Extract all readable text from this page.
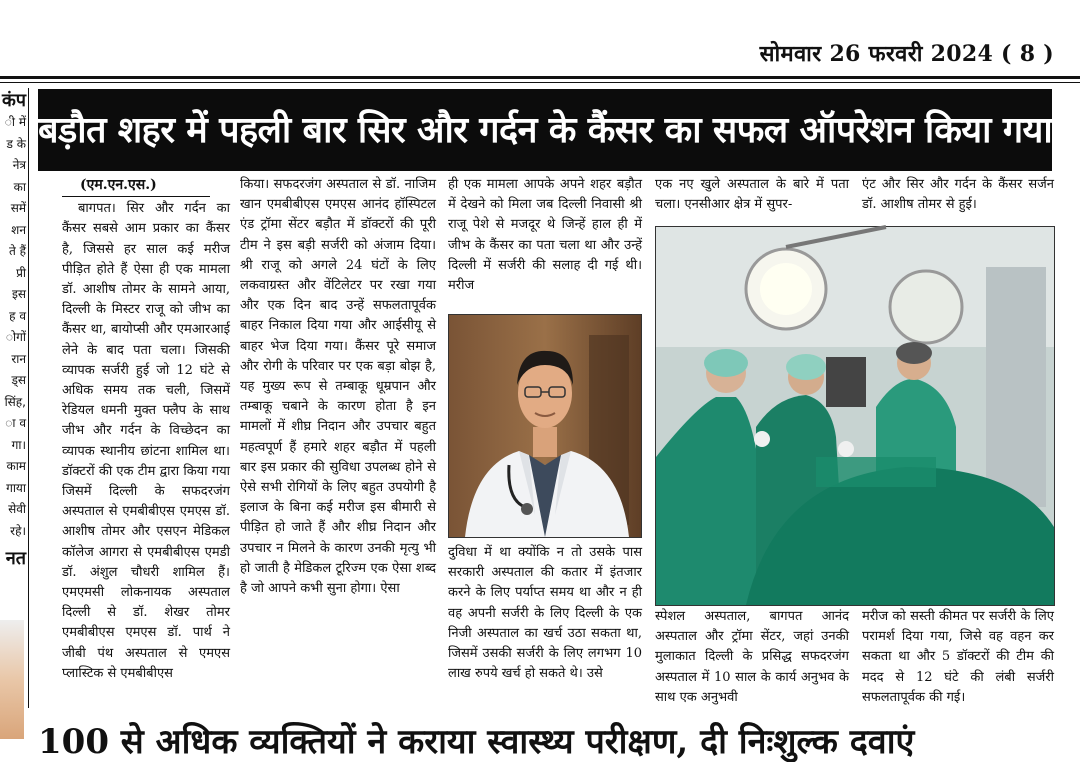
सोमवार 26 फरवरी 2024 ( 8 )
कंप
ी में
ड के
नेत्र
का
समें
शन
ते हैं
प्री
इस
ह व
ोगों
रान
ड्स
सिंह,
ा व
गा।
काम
गाया
सेवी
रहे।
नत
बड़ौत शहर में पहली बार सिर और गर्दन के कैंसर का सफल ऑपरेशन किया गया
(एम.एन.एस.)

बागपत। सिर और गर्दन का कैंसर सबसे आम प्रकार का कैंसर है, जिससे हर साल कई मरीज पीड़ित होते हैं ऐसा ही एक मामला डॉ. आशीष तोमर के सामने आया, दिल्ली के मिस्टर राजू को जीभ का कैंसर था, बायोप्सी और एमआरआई लेने के बाद पता चला। जिसकी व्यापक सर्जरी हुई जो 12 घंटे से अधिक समय तक चली, जिसमें रेडियल धमनी मुक्त फ्लैप के साथ जीभ और गर्दन के विच्छेदन का व्यापक स्थानीय छांटना शामिल था। डॉक्टरों की एक टीम द्वारा किया गया जिसमें दिल्ली के सफदरजंग अस्पताल से एमबीबीएस एमएस डॉ. आशीष तोमर और एसएन मेडिकल कॉलेज आगरा से एमबीबीएस एमडी डॉ. अंशुल चौधरी शामिल हैं। एमएमसी लोकनायक अस्पताल दिल्ली से डॉ. शेखर तोमर एमबीबीएस एमएस डॉ. पार्थ ने जीबी पंथ अस्पताल से एमएस प्लास्टिक से एमबीबीएस

किया। सफदरजंग अस्पताल से डॉ. नाजिम खान एमबीबीएस एमएस आनंद हॉस्पिटल एंड ट्रॉमा सेंटर बड़ौत में डॉक्टरों की पूरी टीम ने इस बड़ी सर्जरी को अंजाम दिया। श्री राजू को अगले 24 घंटों के लिए लकवाग्रस्त और वेंटिलेटर पर रखा गया और एक दिन बाद उन्हें सफलतापूर्वक बाहर निकाल दिया गया और आईसीयू से बाहर भेज दिया गया। कैंसर पूरे समाज और रोगी के परिवार पर एक बड़ा बोझ है, यह मुख्य रूप से तम्बाकू धूम्रपान और तम्बाकू चबाने के कारण होता है इन मामलों में शीघ्र निदान और उपचार बहुत महत्वपूर्ण हैं हमारे शहर बड़ौत में पहली बार इस प्रकार की सुविधा उपलब्ध होने से ऐसे सभी रोगियों के लिए बहुत उपयोगी है इलाज के बिना कई मरीज इस बीमारी से पीड़ित हो जाते हैं और शीघ्र निदान और उपचार न मिलने के कारण उनकी मृत्यु भी हो जाती है मेडिकल टूरिज्म एक ऐसा शब्द है जो आपने कभी सुना होगा। ऐसा

ही एक मामला आपके अपने शहर बड़ौत में देखने को मिला जब दिल्ली निवासी श्री राजू पेशे से मजदूर थे जिन्हें हाल ही में जीभ के कैंसर का पता चला था और उन्हें दिल्ली में सर्जरी की सलाह दी गई थी। मरीज

दुविधा में था क्योंकि न तो उसके पास सरकारी अस्पताल की कतार में इंतजार करने के लिए पर्याप्त समय था और न ही वह अपनी सर्जरी के लिए दिल्ली के एक निजी अस्पताल का खर्च उठा सकता था, जिसमें उसकी सर्जरी के लिए लगभग 10 लाख रुपये खर्च हो सकते थे। उसे

एक नए खुले अस्पताल के बारे में पता चला। एनसीआर क्षेत्र में सुपर-

एंट और सिर और गर्दन के कैंसर सर्जन डॉ. आशीष तोमर से हुई।

स्पेशल अस्पताल, बागपत आनंद अस्पताल और ट्रॉमा सेंटर, जहां उनकी मुलाकात दिल्ली के प्रसिद्ध सफदरजंग अस्पताल में 10 साल के कार्य अनुभव के साथ एक अनुभवी

मरीज को सस्ती कीमत पर सर्जरी के लिए परामर्श दिया गया, जिसे वह वहन कर सकता था और 5 डॉक्टरों की टीम की मदद से 12 घंटे की लंबी सर्जरी सफलतापूर्वक की गई।

100 से अधिक व्यक्तियों ने कराया स्वास्थ्य परीक्षण, दी निःशुल्क दवाएं
